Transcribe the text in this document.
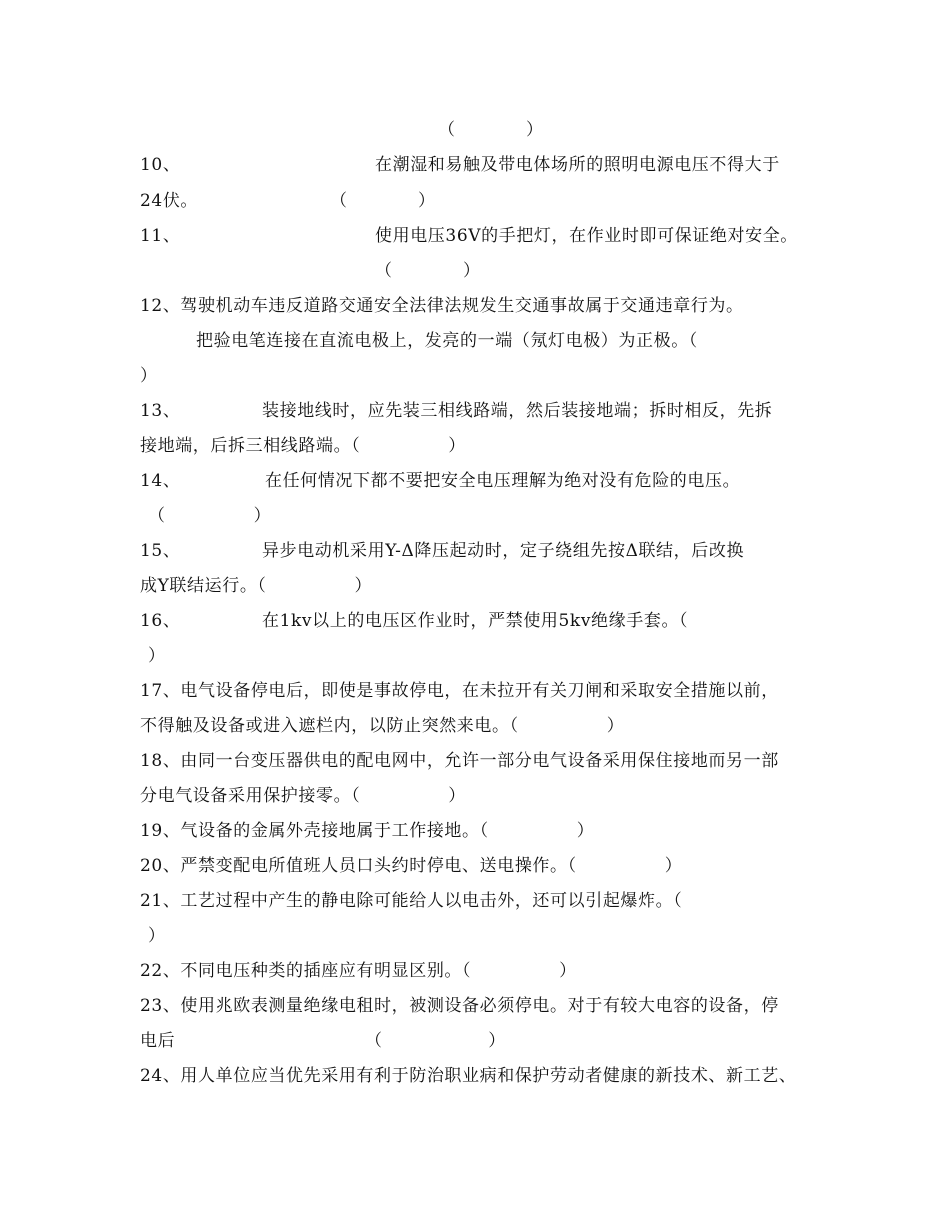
（　　　　）
10、	在潮湿和易触及带电体场所的照明电源电压不得大于
24伏。	（　　　　）
11、	使用电压36V的手把灯，在作业时即可保证绝对安全。
（　　　　）
12、驾驶机动车违反道路交通安全法律法规发生交通事故属于交通违章行为。
把验电笔连接在直流电极上，发亮的一端（氖灯电极）为正极。（
）
13、	装接地线时，应先装三相线路端，然后装接地端；拆时相反，先拆
接地端，后拆三相线路端。（　　　　　）
14、	在任何情况下都不要把安全电压理解为绝对没有危险的电压。
（　　　　　）
15、	异步电动机采用Y-Δ降压起动时，定子绕组先按Δ联结，后改换
成Y联结运行。（　　　　　）
16、	在1kv以上的电压区作业时，严禁使用5kv绝缘手套。（
）
17、电气设备停电后，即使是事故停电，在未拉开有关刀闸和采取安全措施以前，
不得触及设备或进入遮栏内，以防止突然来电。（　　　　　）
18、由同一台变压器供电的配电网中，允许一部分电气设备采用保住接地而另一部
分电气设备采用保护接零。（　　　　　）
19、气设备的金属外壳接地属于工作接地。（　　　　　）
20、严禁变配电所值班人员口头约时停电、送电操作。（　　　　　）
21、工艺过程中产生的静电除可能给人以电击外，还可以引起爆炸。（
）
22、不同电压种类的插座应有明显区别。（　　　　　）
23、使用兆欧表测量绝缘电租时，被测设备必须停电。对于有较大电容的设备，停
电后	（　　　　　　）
24、用人单位应当优先采用有利于防治职业病和保护劳动者健康的新技术、新工艺、
